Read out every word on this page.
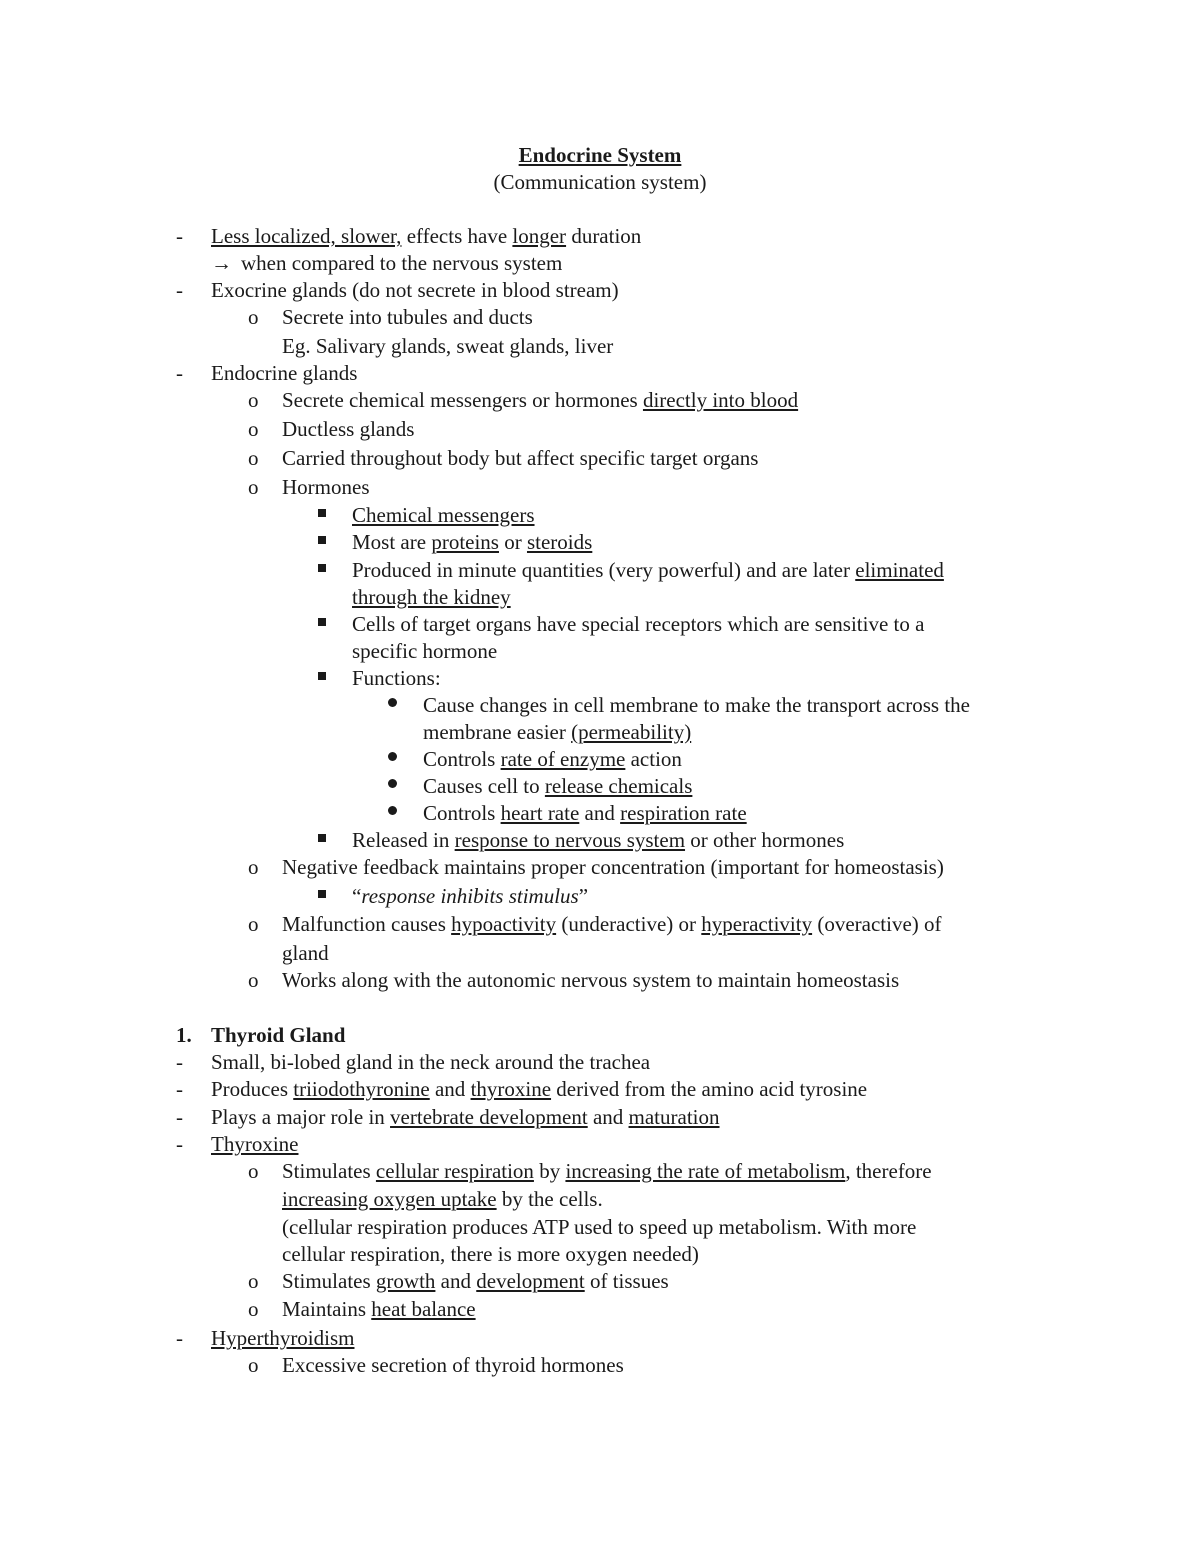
Endocrine System
(Communication system)
- Less localized, slower, effects have longer duration
→ when compared to the nervous system
- Exocrine glands (do not secrete in blood stream)
o Secrete into tubules and ducts
Eg. Salivary glands, sweat glands, liver
- Endocrine glands
o Secrete chemical messengers or hormones directly into blood
o Ductless glands
o Carried throughout body but affect specific target organs
o Hormones
Chemical messengers
Most are proteins or steroids
Produced in minute quantities (very powerful) and are later eliminated
through the kidney
Cells of target organs have special receptors which are sensitive to a
specific hormone
Functions:
Cause changes in cell membrane to make the transport across the
membrane easier (permeability)
Controls rate of enzyme action
Causes cell to release chemicals
Controls heart rate and respiration rate
Released in response to nervous system or other hormones
o Negative feedback maintains proper concentration (important for homeostasis)
“response inhibits stimulus”
o Malfunction causes hypoactivity (underactive) or hyperactivity (overactive) of
gland
o Works along with the autonomic nervous system to maintain homeostasis
1. Thyroid Gland
- Small, bi-lobed gland in the neck around the trachea
- Produces triiodothyronine and thyroxine derived from the amino acid tyrosine
- Plays a major role in vertebrate development and maturation
- Thyroxine
o Stimulates cellular respiration by increasing the rate of metabolism, therefore
increasing oxygen uptake by the cells.
(cellular respiration produces ATP used to speed up metabolism. With more
cellular respiration, there is more oxygen needed)
o Stimulates growth and development of tissues
o Maintains heat balance
- Hyperthyroidism
o Excessive secretion of thyroid hormones
